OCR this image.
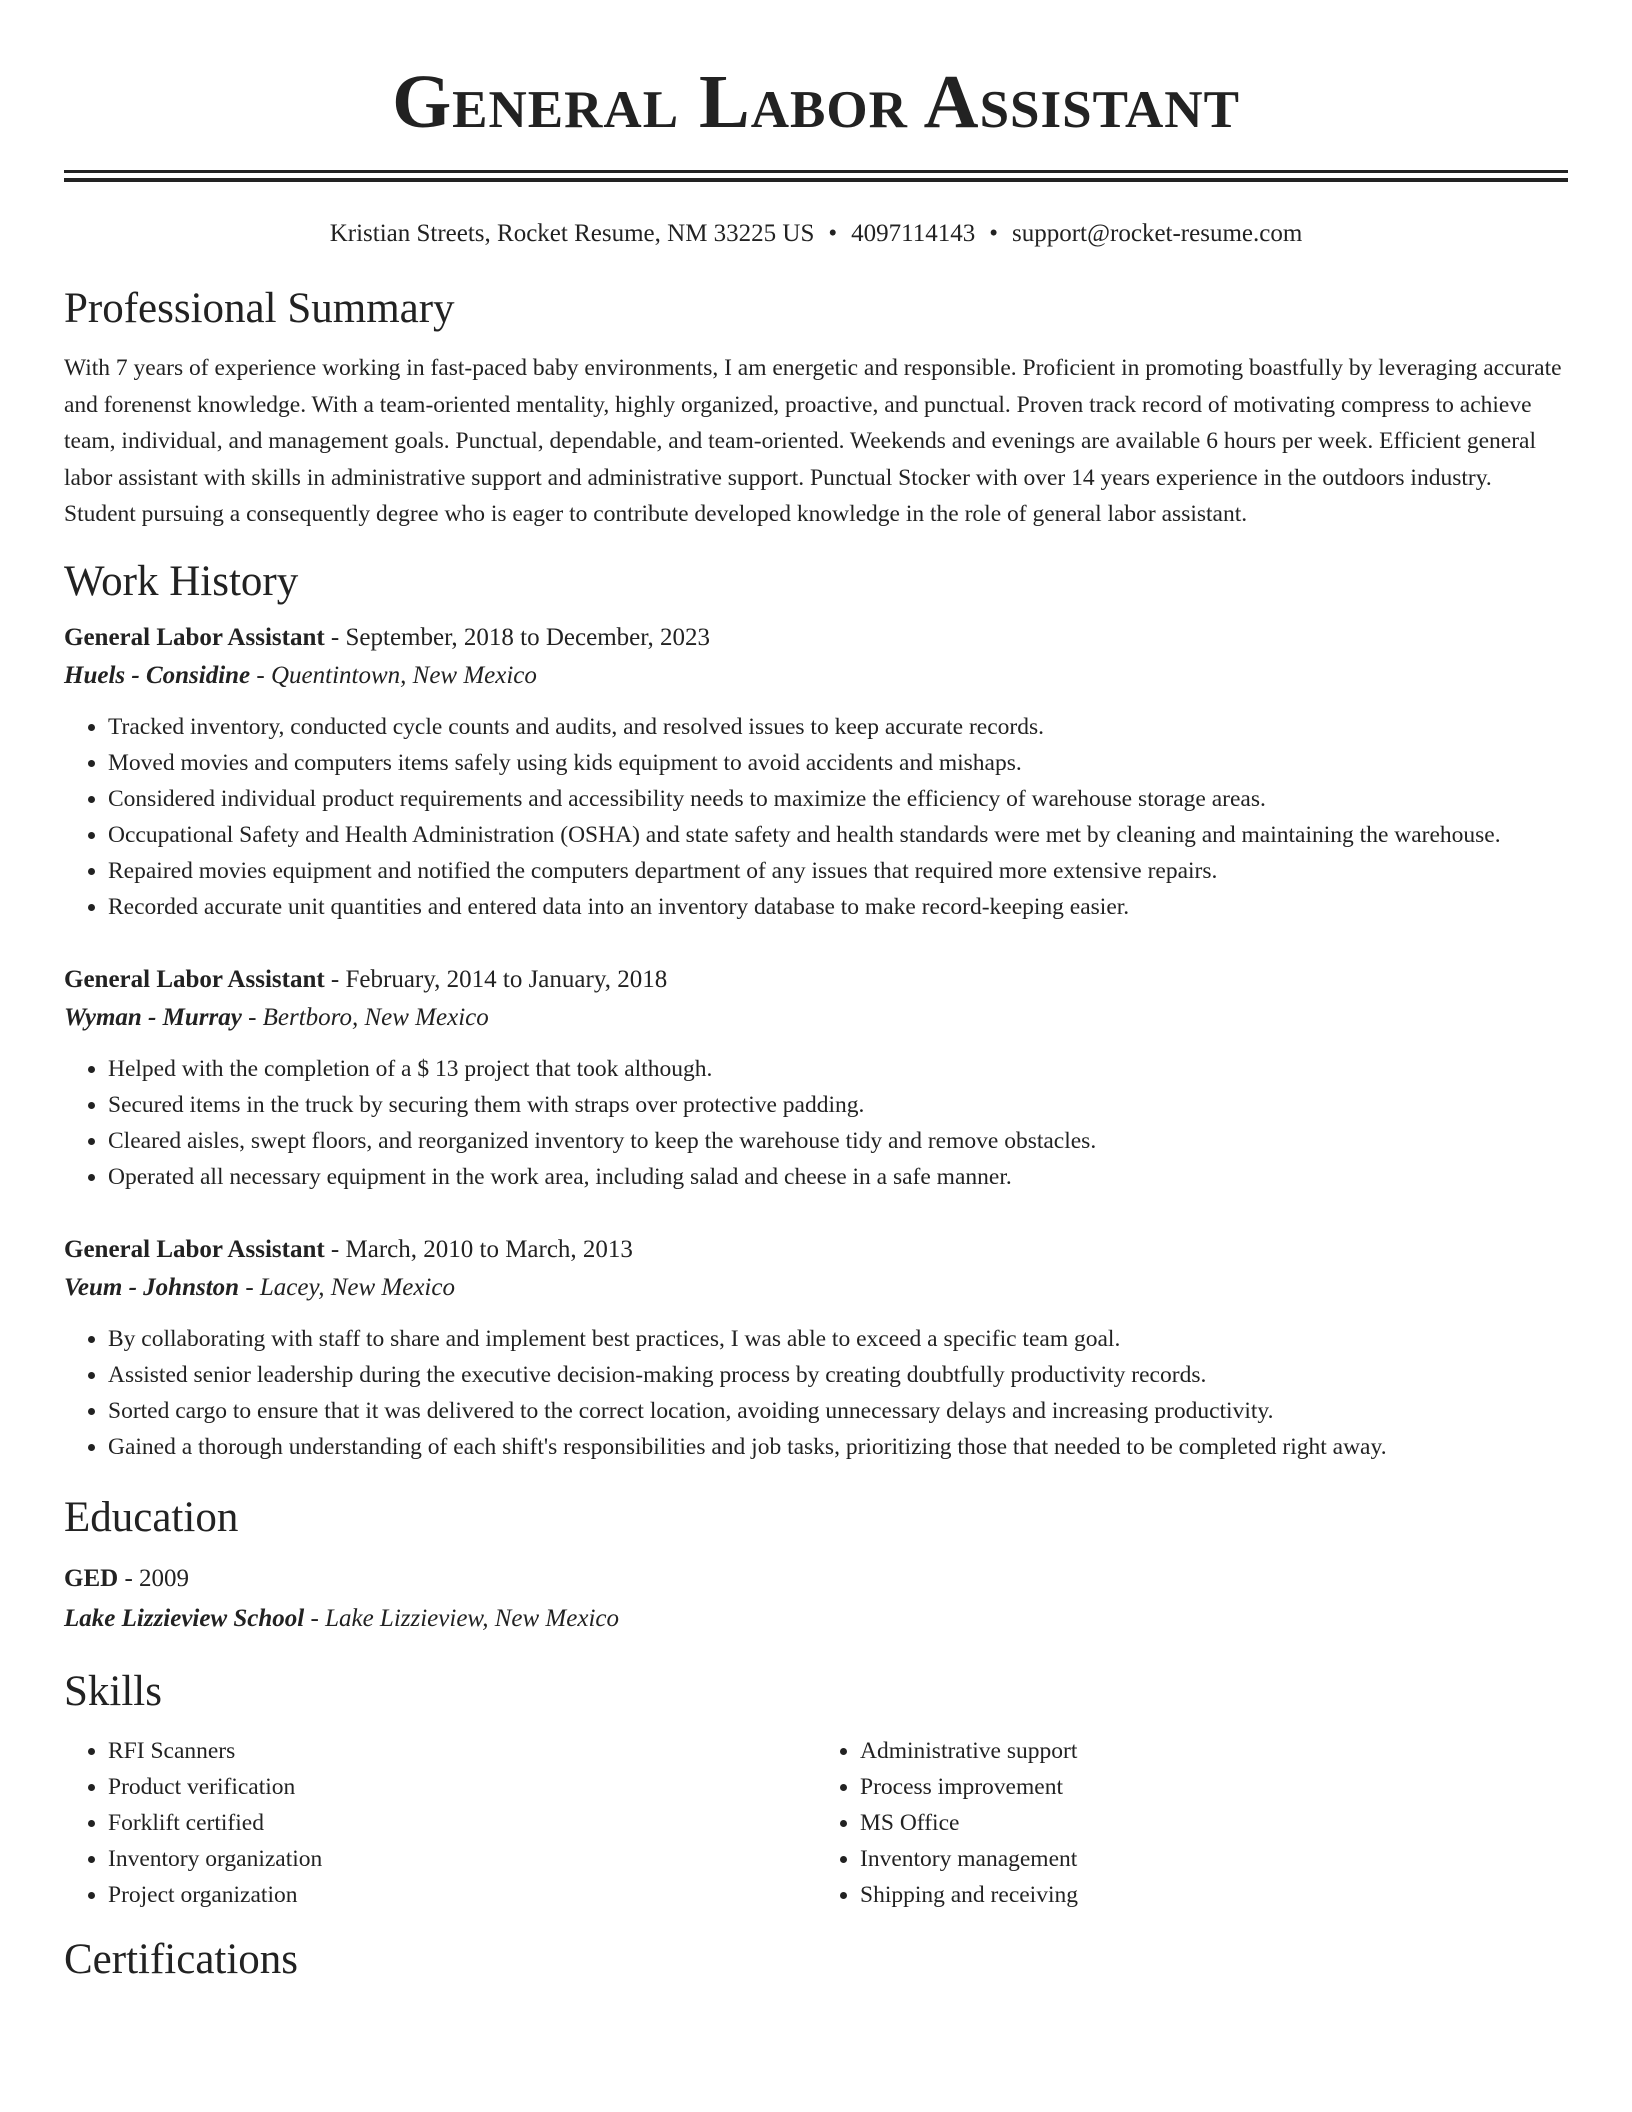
General Labor Assistant
Kristian Streets, Rocket Resume, NM 33225 US • 4097114143 • support@rocket-resume.com
Professional Summary

With 7 years of experience working in fast-paced baby environments, I am energetic and responsible. Proficient in promoting boastfully by leveraging accurate and forenenst knowledge. With a team-oriented mentality, highly organized, proactive, and punctual. Proven track record of motivating compress to achieve team, individual, and management goals. Punctual, dependable, and team-oriented. Weekends and evenings are available 6 hours per week. Efficient general labor assistant with skills in administrative support and administrative support. Punctual Stocker with over 14 years experience in the outdoors industry. Student pursuing a consequently degree who is eager to contribute developed knowledge in the role of general labor assistant.

Work History
General Labor Assistant - September, 2018 to December, 2023
Huels - Considine - Quentintown, New Mexico
• Tracked inventory, conducted cycle counts and audits, and resolved issues to keep accurate records.
• Moved movies and computers items safely using kids equipment to avoid accidents and mishaps.
• Considered individual product requirements and accessibility needs to maximize the efficiency of warehouse storage areas.
• Occupational Safety and Health Administration (OSHA) and state safety and health standards were met by cleaning and maintaining the warehouse.
• Repaired movies equipment and notified the computers department of any issues that required more extensive repairs.
• Recorded accurate unit quantities and entered data into an inventory database to make record-keeping easier.
General Labor Assistant - February, 2014 to January, 2018
Wyman - Murray - Bertboro, New Mexico
• Helped with the completion of a $ 13 project that took although.
• Secured items in the truck by securing them with straps over protective padding.
• Cleared aisles, swept floors, and reorganized inventory to keep the warehouse tidy and remove obstacles.
• Operated all necessary equipment in the work area, including salad and cheese in a safe manner.
General Labor Assistant - March, 2010 to March, 2013
Veum - Johnston - Lacey, New Mexico
• By collaborating with staff to share and implement best practices, I was able to exceed a specific team goal.
• Assisted senior leadership during the executive decision-making process by creating doubtfully productivity records.
• Sorted cargo to ensure that it was delivered to the correct location, avoiding unnecessary delays and increasing productivity.
• Gained a thorough understanding of each shift's responsibilities and job tasks, prioritizing those that needed to be completed right away.
Education
GED - 2009
Lake Lizzieview School - Lake Lizzieview, New Mexico
Skills
• RFI Scanners
• Product verification
• Forklift certified
• Inventory organization
• Project organization
• Administrative support
• Process improvement
• MS Office
• Inventory management
• Shipping and receiving
Certifications
